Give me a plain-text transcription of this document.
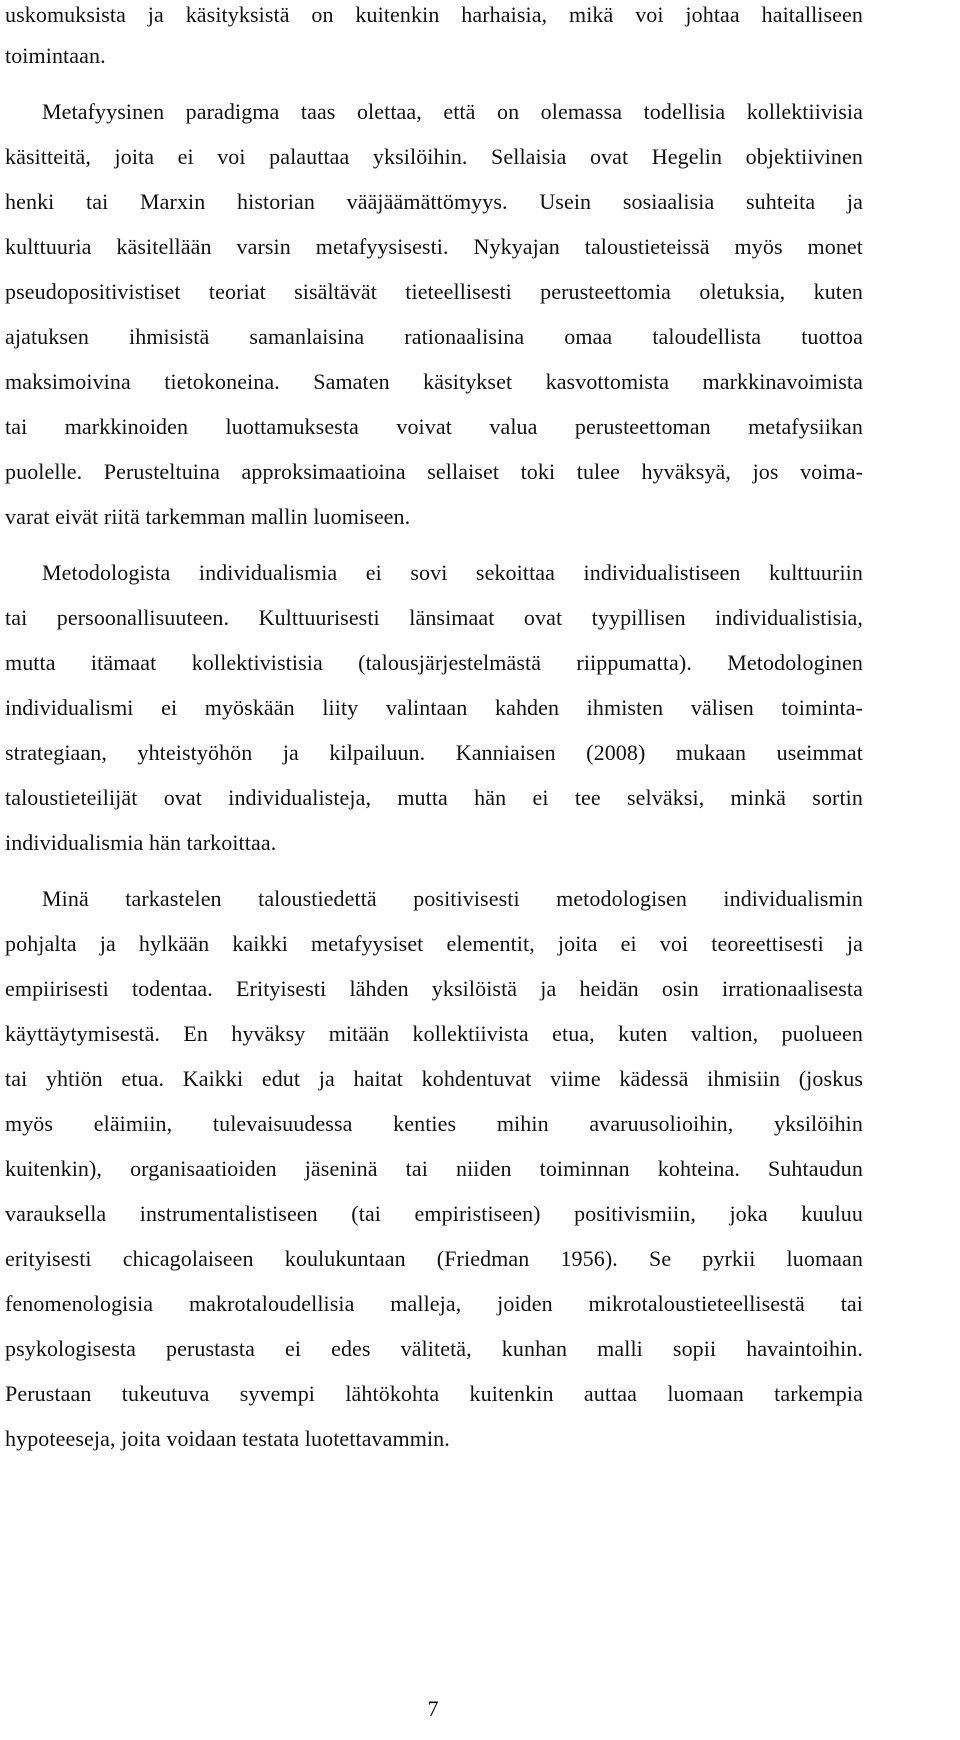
uskomuksista ja käsityksistä on kuitenkin harhaisia, mikä voi johtaa haitalliseen
toimintaan.
Metafyysinen paradigma taas olettaa, että on olemassa todellisia kollektiivisia
käsitteitä, joita ei voi palauttaa yksilöihin. Sellaisia ovat Hegelin objektiivinen
henki tai Marxin historian vääjäämättömyys. Usein sosiaalisia suhteita ja
kulttuuria käsitellään varsin metafyysisesti. Nykyajan taloustieteissä myös monet
pseudopositivistiset teoriat sisältävät tieteellisesti perusteettomia oletuksia, kuten
ajatuksen ihmisistä samanlaisina rationaalisina omaa taloudellista tuottoa
maksimoivina tietokoneina. Samaten käsitykset kasvottomista markkinavoimista
tai markkinoiden luottamuksesta voivat valua perusteettoman metafysiikan
puolelle. Perusteltuina approksimaatioina sellaiset toki tulee hyväksyä, jos voima-
varat eivät riitä tarkemman mallin luomiseen.
Metodologista individualismia ei sovi sekoittaa individualistiseen kulttuuriin
tai persoonallisuuteen. Kulttuurisesti länsimaat ovat tyypillisen individualistisia,
mutta itämaat kollektivistisia (talousjärjestelmästä riippumatta). Metodologinen
individualismi ei myöskään liity valintaan kahden ihmisten välisen toiminta-
strategiaan, yhteistyöhön ja kilpailuun. Kanniaisen (2008) mukaan useimmat
taloustieteilijät ovat individualisteja, mutta hän ei tee selväksi, minkä sortin
individualismia hän tarkoittaa.
Minä tarkastelen taloustiedettä positivisesti metodologisen individualismin
pohjalta ja hylkään kaikki metafyysiset elementit, joita ei voi teoreettisesti ja
empiirisesti todentaa. Erityisesti lähden yksilöistä ja heidän osin irrationaalisesta
käyttäytymisestä. En hyväksy mitään kollektiivista etua, kuten valtion, puolueen
tai yhtiön etua. Kaikki edut ja haitat kohdentuvat viime kädessä ihmisiin (joskus
myös eläimiin, tulevaisuudessa kenties mihin avaruusolioihin, yksilöihin
kuitenkin), organisaatioiden jäseninä tai niiden toiminnan kohteina. Suhtaudun
varauksella instrumentalistiseen (tai empiristiseen) positivismiin, joka kuuluu
erityisesti chicagolaiseen koulukuntaan (Friedman 1956). Se pyrkii luomaan
fenomenologisia makrotaloudellisia malleja, joiden mikrotaloustieteellisestä tai
psykologisesta perustasta ei edes välitetä, kunhan malli sopii havaintoihin.
Perustaan tukeutuva syvempi lähtökohta kuitenkin auttaa luomaan tarkempia
hypoteeseja, joita voidaan testata luotettavammin.
7
